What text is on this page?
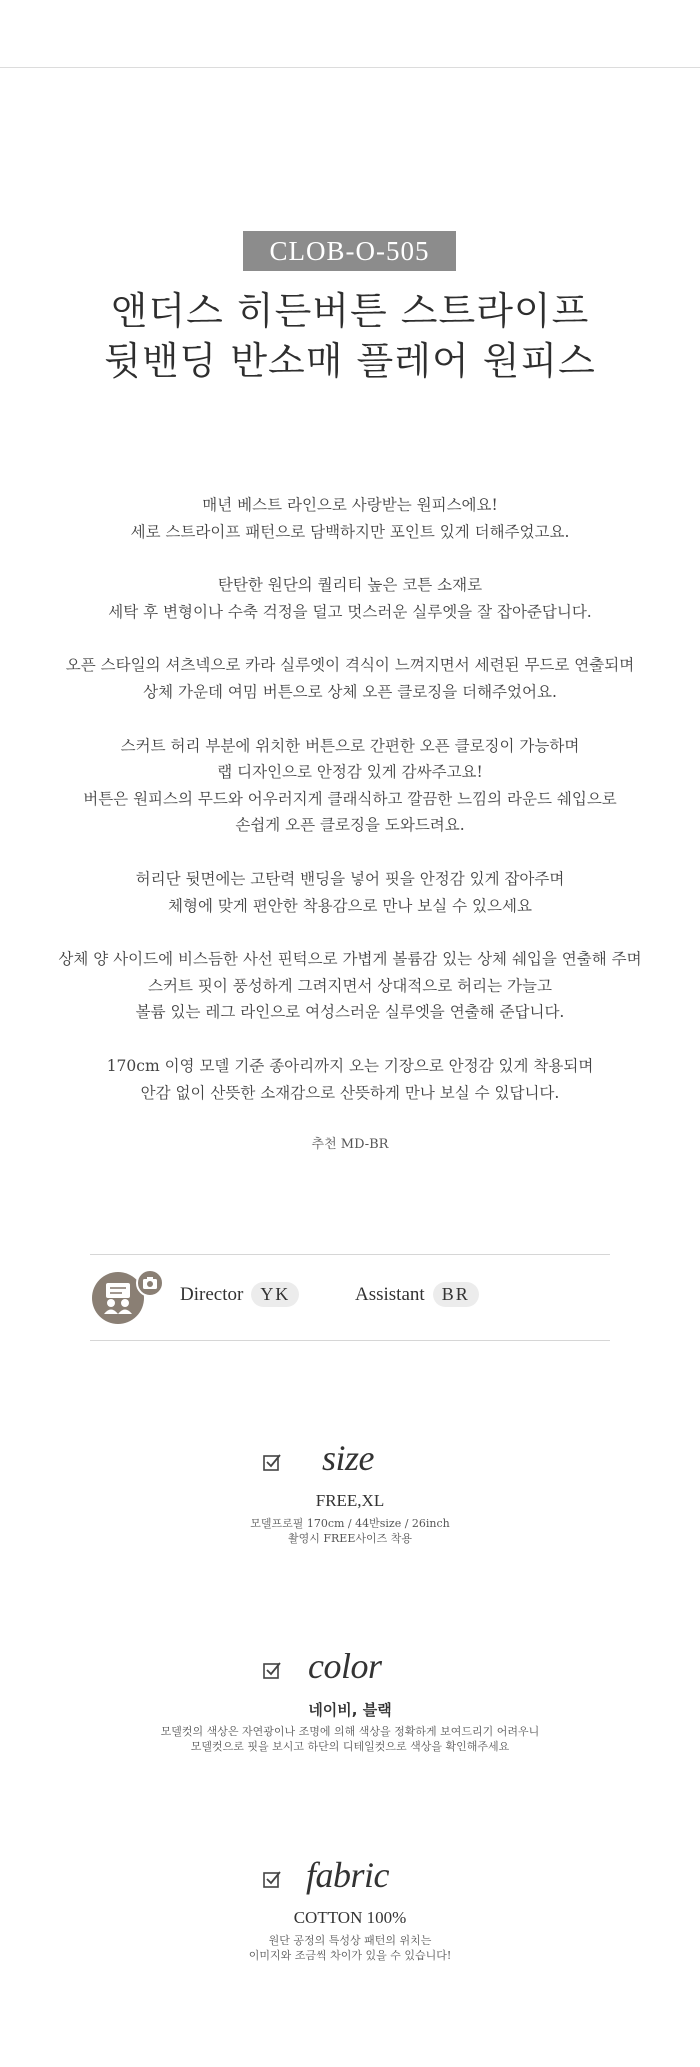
CLOB-O-505
앤더스 히든버튼 스트라이프
뒷밴딩 반소매 플레어 원피스
매년 베스트 라인으로 사랑받는 원피스에요!
세로 스트라이프 패턴으로 담백하지만 포인트 있게 더해주었고요.
탄탄한 원단의 퀄리티 높은 코튼 소재로
세탁 후 변형이나 수축 걱정을 덜고 멋스러운 실루엣을 잘 잡아준답니다.
오픈 스타일의 셔츠넥으로 카라 실루엣이 격식이 느껴지면서 세련된 무드로 연출되며
상체 가운데 여밈 버튼으로 상체 오픈 클로징을 더해주었어요.
스커트 허리 부분에 위치한 버튼으로 간편한 오픈 클로징이 가능하며
랩 디자인으로 안정감 있게 감싸주고요!
버튼은 원피스의 무드와 어우러지게 클래식하고 깔끔한 느낌의 라운드 쉐입으로
손쉽게 오픈 클로징을 도와드려요.
허리단 뒷면에는 고탄력 밴딩을 넣어 핏을 안정감 있게 잡아주며
체형에 맞게 편안한 착용감으로 만나 보실 수 있으세요
상체 양 사이드에 비스듬한 사선 핀턱으로 가볍게 볼륨감 있는 상체 쉐입을 연출해 주며
스커트 핏이 풍성하게 그려지면서 상대적으로 허리는 가늘고
볼륨 있는 레그 라인으로 여성스러운 실루엣을 연출해 준답니다.
170cm 이영 모델 기준 종아리까지 오는 기장으로 안정감 있게 착용되며
안감 없이 산뜻한 소재감으로 산뜻하게 만나 보실 수 있답니다.
추천 MD-BR
Director YK	Assistant BR
size
FREE,XL
모델프로필 170cm / 44반size / 26inch
촬영시 FREE사이즈 착용
color
네이비, 블랙
모델컷의 색상은 자연광이나 조명에 의해 색상을 정확하게 보여드리기 어려우니
모델컷으로 핏을 보시고 하단의 디테일컷으로 색상을 확인해주세요
fabric
COTTON 100%
원단 공정의 특성상 패턴의 위치는
이미지와 조금씩 차이가 있을 수 있습니다!
